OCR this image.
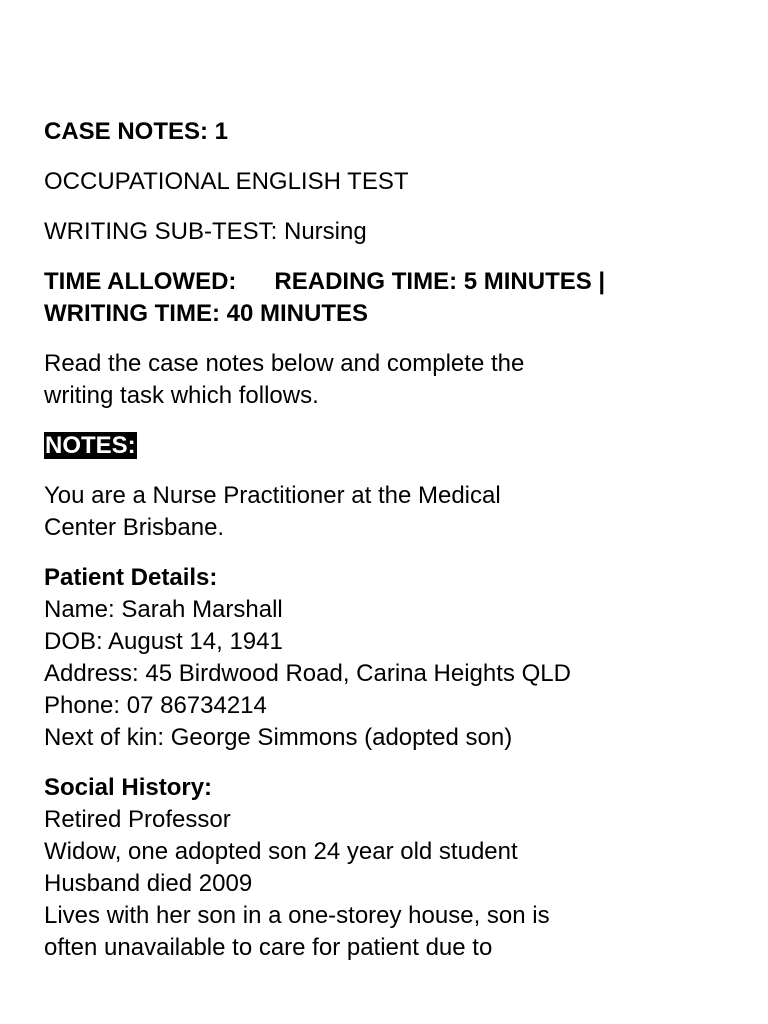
CASE NOTES: 1

OCCUPATIONAL ENGLISH TEST

WRITING SUB-TEST: Nursing

TIME ALLOWED: READING TIME: 5 MINUTES |

WRITING TIME: 40 MINUTES

Read the case notes below and complete the

writing task which follows.

NOTES:

You are a Nurse Practitioner at the Medical

Center Brisbane.

Patient Details:

Name: Sarah Marshall

DOB: August 14, 1941

Address: 45 Birdwood Road, Carina Heights QLD

Phone: 07 86734214

Next of kin: George Simmons (adopted son)

Social History:

Retired Professor

Widow, one adopted son 24 year old student

Husband died 2009

Lives with her son in a one-storey house, son is

often unavailable to care for patient due to
